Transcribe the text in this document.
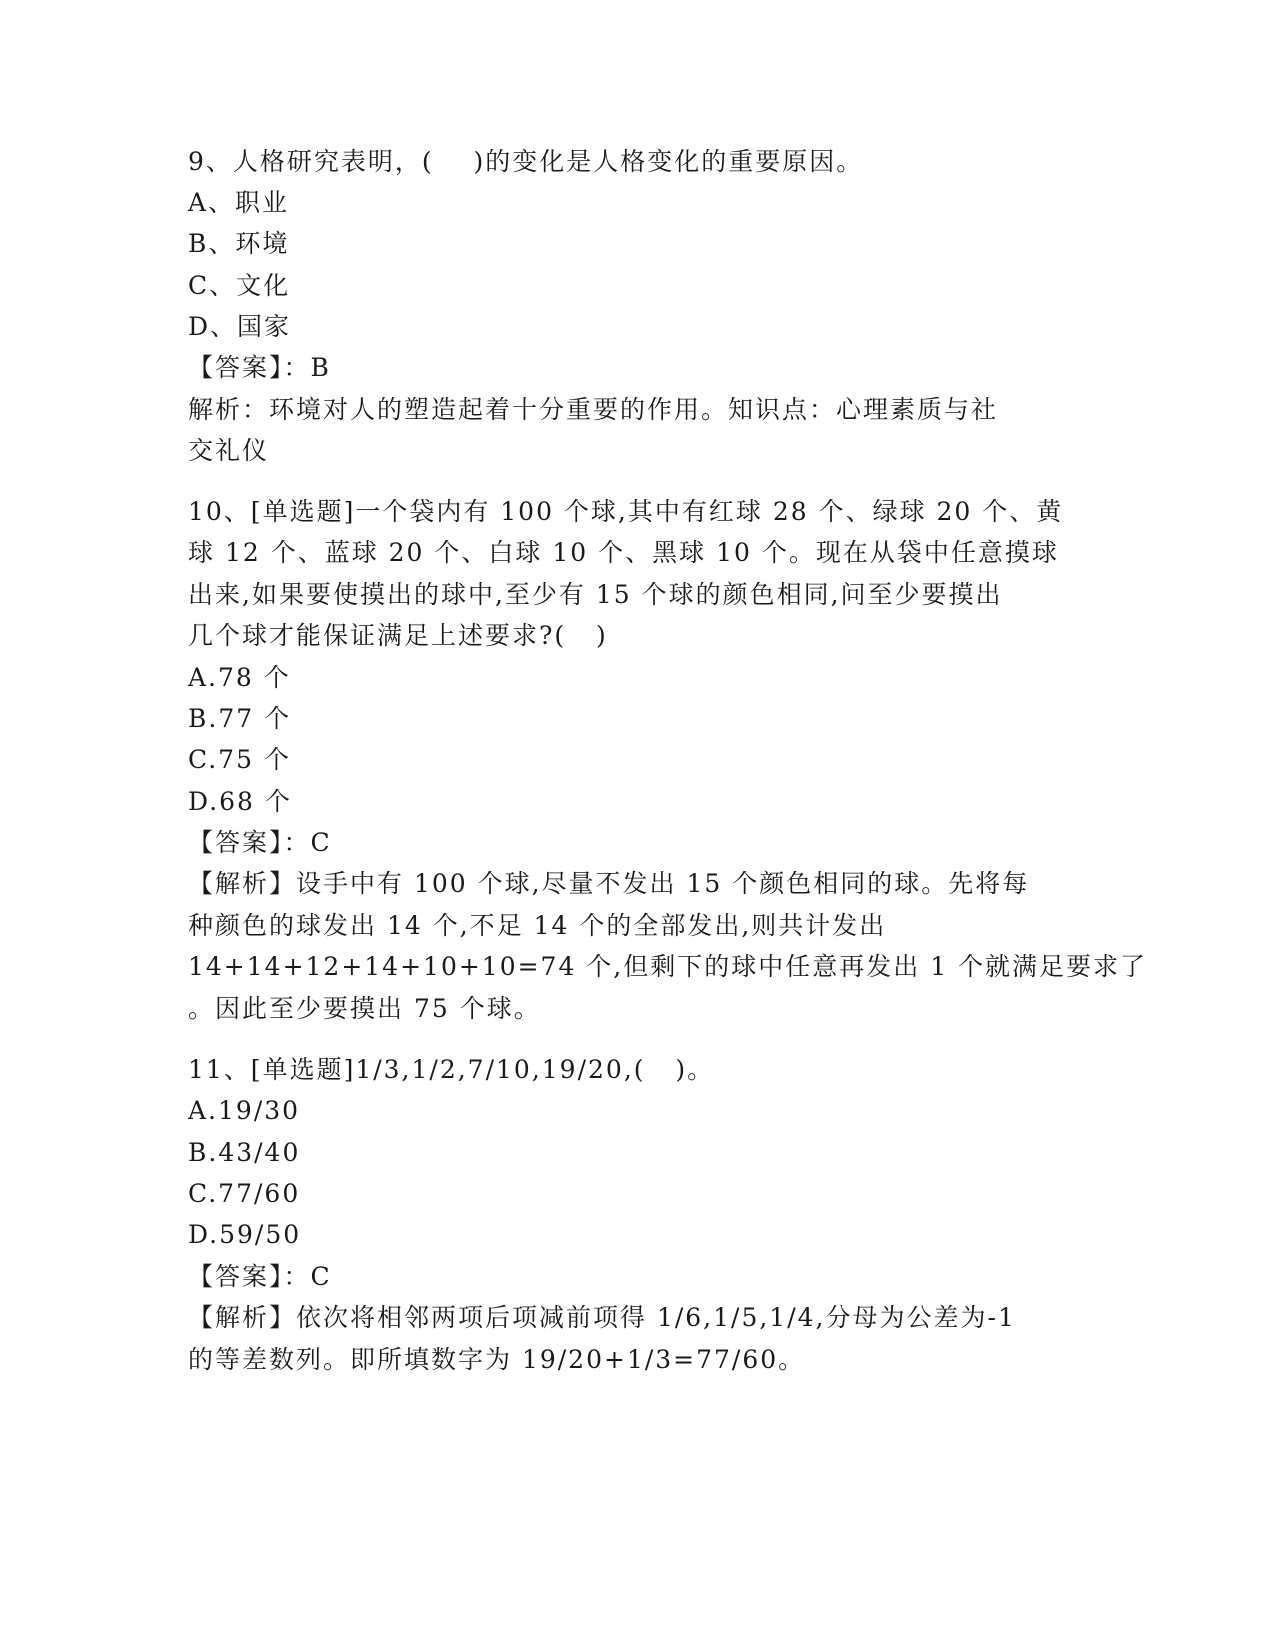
9、人格研究表明，(    )的变化是人格变化的重要原因。
A、职业
B、环境
C、文化
D、国家
【答案】：B
解析：环境对人的塑造起着十分重要的作用。知识点：心理素质与社
交礼仪
10、[单选题]一个袋内有 100 个球,其中有红球 28 个、绿球 20 个、黄
球 12 个、蓝球 20 个、白球 10 个、黑球 10 个。现在从袋中任意摸球
出来,如果要使摸出的球中,至少有 15 个球的颜色相同,问至少要摸出
几个球才能保证满足上述要求?(   )
A.78 个
B.77 个
C.75 个
D.68 个
【答案】：C
【解析】设手中有 100 个球,尽量不发出 15 个颜色相同的球。先将每
种颜色的球发出 14 个,不足 14 个的全部发出,则共计发出
14+14+12+14+10+10=74 个,但剩下的球中任意再发出 1 个就满足要求了
。因此至少要摸出 75 个球。
11、[单选题]1/3,1/2,7/10,19/20,(   )。
A.19/30
B.43/40
C.77/60
D.59/50
【答案】：C
【解析】依次将相邻两项后项减前项得 1/6,1/5,1/4,分母为公差为-1
的等差数列。即所填数字为 19/20+1/3=77/60。
